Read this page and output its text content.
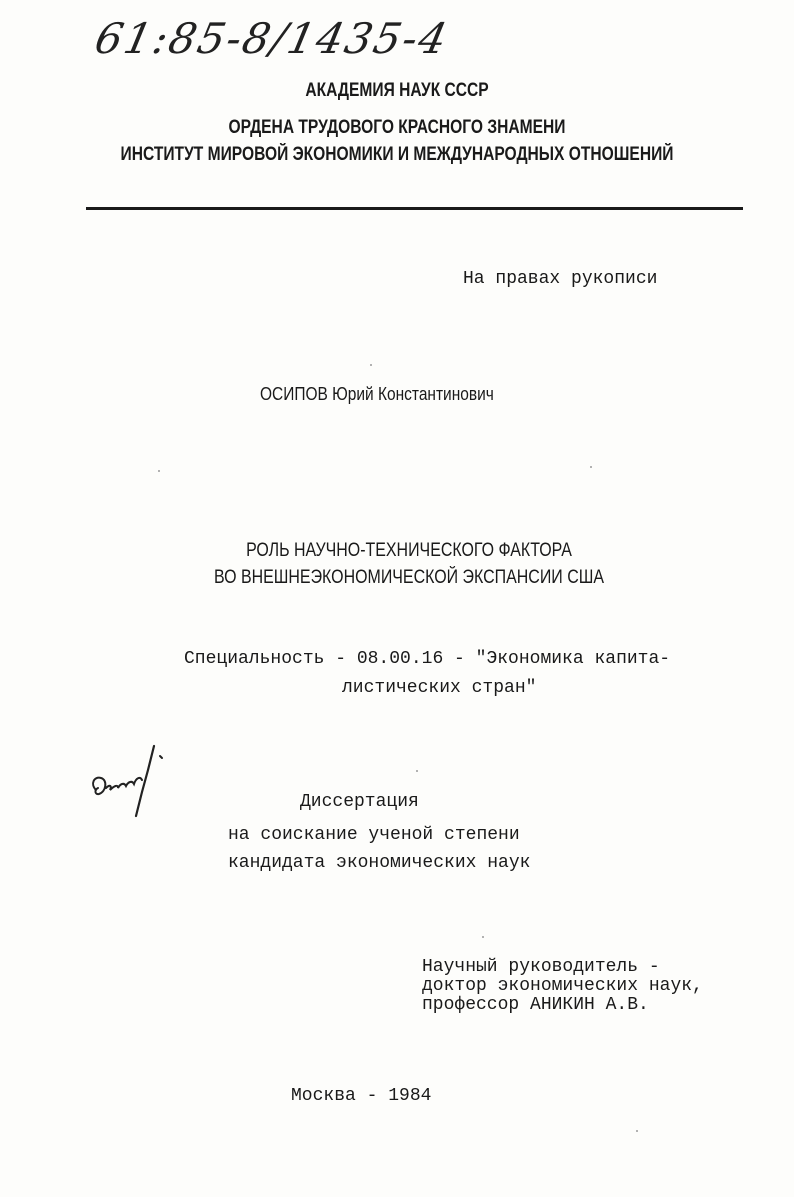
61:85-8/1435-4
АКАДЕМИЯ НАУК СССР
ОРДЕНА ТРУДОВОГО КРАСНОГО ЗНАМЕНИ
ИНСТИТУТ МИРОВОЙ ЭКОНОМИКИ И МЕЖДУНАРОДНЫХ ОТНОШЕНИЙ
На правах рукописи
ОСИПОВ Юрий Константинович
РОЛЬ НАУЧНО-ТЕХНИЧЕСКОГО ФАКТОРА
ВО ВНЕШНЕЭКОНОМИЧЕСКОЙ ЭКСПАНСИИ США
Специальность - 08.00.16 - "Экономика капита-
листических стран"
Диссертация
на соискание ученой степени
кандидата экономических наук
Научный руководитель -
доктор экономических наук,
профессор АНИКИН А.В.
Москва - 1984
